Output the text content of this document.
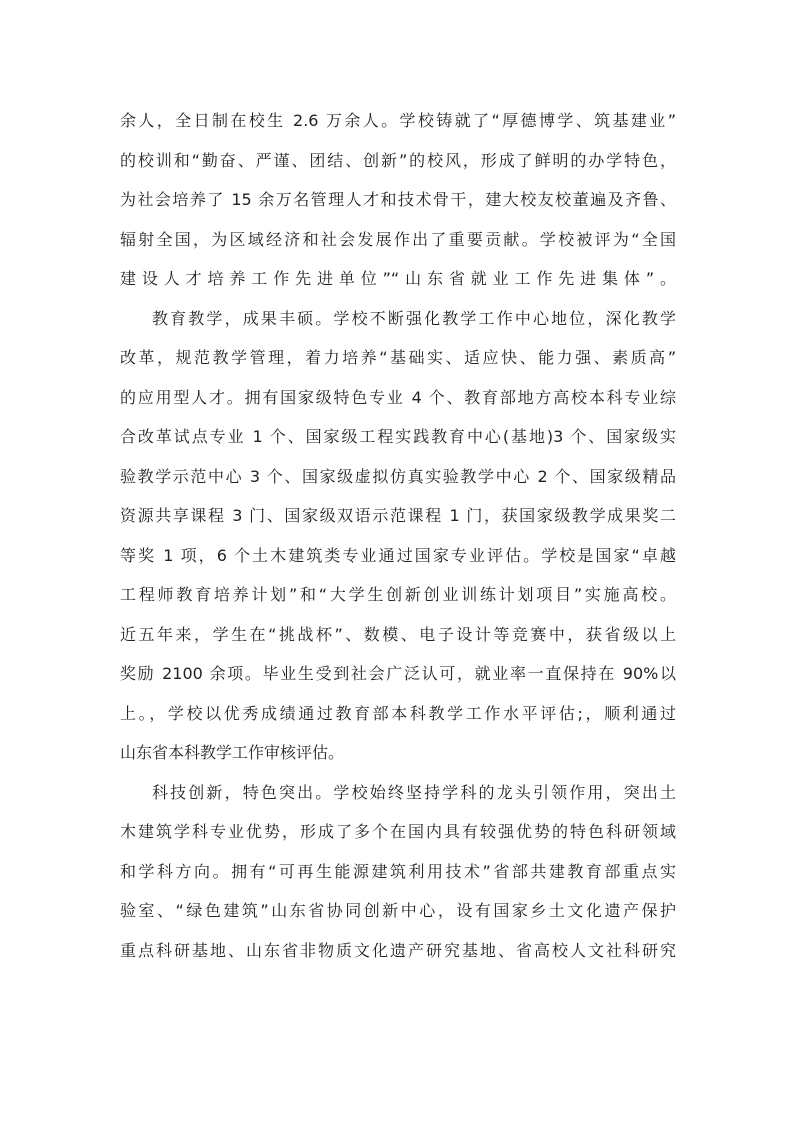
余人，全日制在校生 2.6 万余人。学校铸就了“厚德博学、筑基建业”
的校训和“勤奋、严谨、团结、创新”的校风，形成了鲜明的办学特色，
为社会培养了 15 余万名管理人才和技术骨干，建大校友校董遍及齐鲁、
辐射全国，为区域经济和社会发展作出了重要贡献。学校被评为“全国
建设人才培养工作先进单位”“山东省就业工作先进集体”。
教育教学，成果丰硕。学校不断强化教学工作中心地位，深化教学
改革，规范教学管理，着力培养“基础实、适应快、能力强、素质高”
的应用型人才。拥有国家级特色专业 4 个、教育部地方高校本科专业综
合改革试点专业 1 个、国家级工程实践教育中心(基地)3 个、国家级实
验教学示范中心 3 个、国家级虚拟仿真实验教学中心 2 个、国家级精品
资源共享课程 3 门、国家级双语示范课程 1 门，获国家级教学成果奖二
等奖 1 项，6 个土木建筑类专业通过国家专业评估。学校是国家“卓越
工程师教育培养计划”和“大学生创新创业训练计划项目”实施高校。
近五年来，学生在“挑战杯”、数模、电子设计等竞赛中，获省级以上
奖励 2100 余项。毕业生受到社会广泛认可，就业率一直保持在 90%以
上。，学校以优秀成绩通过教育部本科教学工作水平评估;，顺利通过
山东省本科教学工作审核评估。
科技创新，特色突出。学校始终坚持学科的龙头引领作用，突出土
木建筑学科专业优势，形成了多个在国内具有较强优势的特色科研领域
和学科方向。拥有“可再生能源建筑利用技术”省部共建教育部重点实
验室、“绿色建筑”山东省协同创新中心，设有国家乡土文化遗产保护
重点科研基地、山东省非物质文化遗产研究基地、省高校人文社科研究
